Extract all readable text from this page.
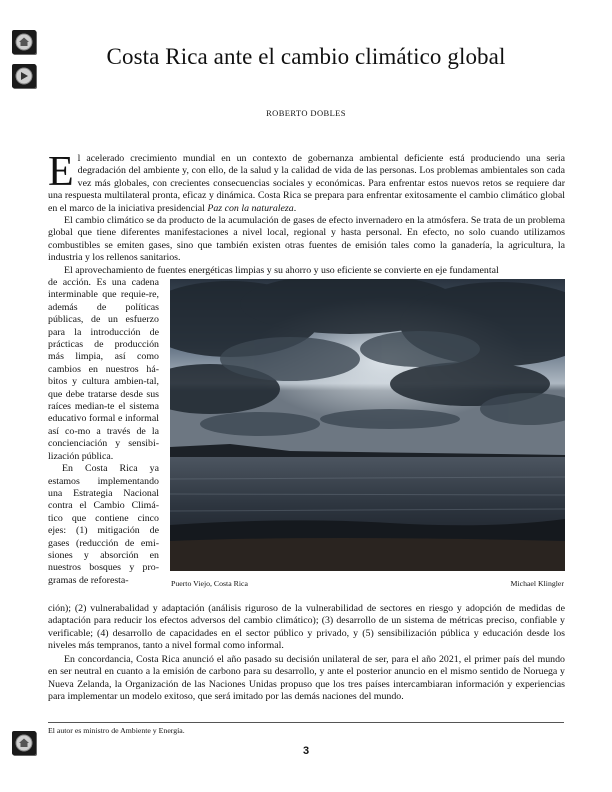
Costa Rica ante el cambio climático global
ROBERTO DOBLES

El acelerado crecimiento mundial en un contexto de gobernanza ambiental deficiente está produciendo una seria degradación del ambiente y, con ello, de la salud y la calidad de vida de las personas. Los problemas ambientales son cada vez más globales, con crecientes consecuencias sociales y económicas. Para enfrentar estos nuevos retos se requiere dar una respuesta multilateral pronta, eficaz y dinámica. Costa Rica se prepara para enfrentar exitosamente el cambio climático global en el marco de la iniciativa presidencial Paz con la naturaleza.

El cambio climático se da producto de la acumulación de gases de efecto invernadero en la atmósfera. Se trata de un problema global que tiene diferentes manifestaciones a nivel local, regional y hasta personal. En efecto, no solo cuando utilizamos combustibles se emiten gases, sino que también existen otras fuentes de emisión tales como la ganadería, la agricultura, la industria y los rellenos sanitarios.

El aprovechamiento de fuentes energéticas limpias y su ahorro y uso eficiente se convierte en eje fundamental

de acción. Es una cadena interminable que requie-re, además de políticas públicas, de un esfuerzo para la introducción de prácticas de producción más limpia, así como cambios en nuestros há-bitos y cultura ambien-tal, que debe tratarse desde sus raíces median-te el sistema educativo formal e informal así co-mo a través de la concienciación y sensibi-lización pública.

En Costa Rica ya estamos implementando una Estrategia Nacional contra el Cambio Climá-tico que contiene cinco ejes: (1) mitigación de gases (reducción de emi-siones y absorción en nuestros bosques y pro-gramas de reforesta-	Puerto Viejo, Costa Rica	Michael Klingler

ción); (2) vulnerabalidad y adaptación (análisis riguroso de la vulnerabilidad de sectores en riesgo y adopción de medidas de adaptación para reducir los efectos adversos del cambio climático); (3) desarrollo de un sistema de métricas preciso, confiable y verificable; (4) desarrollo de capacidades en el sector público y privado, y (5) sensibilización pública y educación desde los niveles más tempranos, tanto a nivel formal como informal.

En concordancia, Costa Rica anunció el año pasado su decisión unilateral de ser, para el año 2021, el primer país del mundo en ser neutral en cuanto a la emisión de carbono para su desarrollo, y ante el posterior anuncio en el mismo sentido de Noruega y Nueva Zelanda, la Organización de las Naciones Unidas propuso que los tres países intercambiaran información y experiencias para implementar un modelo exitoso, que será imitado por las demás naciones del mundo.

El autor es ministro de Ambiente y Energía.
3
